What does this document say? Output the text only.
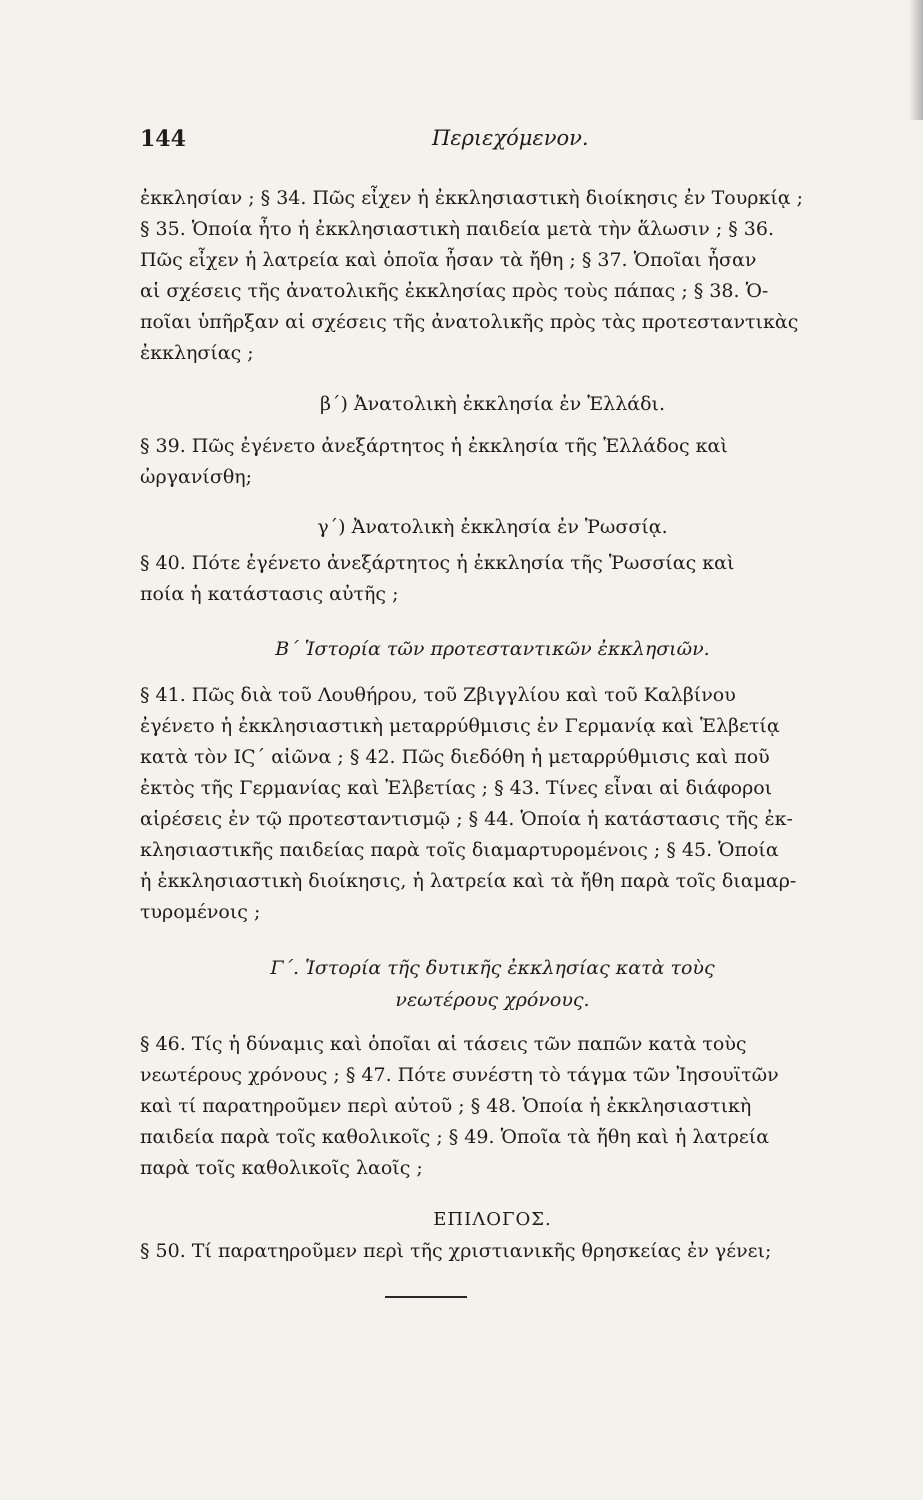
144	Περιεχόμενον.
ἐκκλησίαν ; § 34. Πῶς εἶχεν ἡ ἐκκλησιαστικὴ διοίκησις ἐν Τουρκίᾳ ;
§ 35. Ὁποία ἦτο ἡ ἐκκλησιαστικὴ παιδεία μετὰ τὴν ἅλωσιν ; § 36.
Πῶς εἶχεν ἡ λατρεία καὶ ὁποῖα ἦσαν τὰ ἤθη ; § 37. Ὁποῖαι ἦσαν
αἱ σχέσεις τῆς ἀνατολικῆς ἐκκλησίας πρὸς τοὺς πάπας ; § 38. Ὁ-
ποῖαι ὑπῆρξαν αἱ σχέσεις τῆς ἀνατολικῆς πρὸς τὰς προτεσταντικὰς
ἐκκλησίας ;
β΄) Ἀνατολικὴ ἐκκλησία ἐν Ἑλλάδι.
§ 39. Πῶς ἐγένετο ἀνεξάρτητος ἡ ἐκκλησία τῆς Ἑλλάδος καὶ
ὠργανίσθη;
γ΄) Ἀνατολικὴ ἐκκλησία ἐν Ῥωσσίᾳ.
§ 40. Πότε ἐγένετο ἀνεξάρτητος ἡ ἐκκλησία τῆς Ῥωσσίας καὶ
ποία ἡ κατάστασις αὐτῆς ;
Β΄ Ἱστορία τῶν προτεσταντικῶν ἐκκλησιῶν.
§ 41. Πῶς διὰ τοῦ Λουθήρου, τοῦ Ζβιγγλίου καὶ τοῦ Καλβίνου
ἐγένετο ἡ ἐκκλησιαστικὴ μεταρρύθμισις ἐν Γερμανίᾳ καὶ Ἑλβετίᾳ
κατὰ τὸν ΙϚ΄ αἰῶνα ; § 42. Πῶς διεδόθη ἡ μεταρρύθμισις καὶ ποῦ
ἐκτὸς τῆς Γερμανίας καὶ Ἑλβετίας ; § 43. Τίνες εἶναι αἱ διάφοροι
αἱρέσεις ἐν τῷ προτεσταντισμῷ ; § 44. Ὁποία ἡ κατάστασις τῆς ἐκ-
κλησιαστικῆς παιδείας παρὰ τοῖς διαμαρτυρομένοις ; § 45. Ὁποία
ἡ ἐκκλησιαστικὴ διοίκησις, ἡ λατρεία καὶ τὰ ἤθη παρὰ τοῖς διαμαρ-
τυρομένοις ;
Γ΄. Ἱστορία τῆς δυτικῆς ἐκκλησίας κατὰ τοὺς
νεωτέρους χρόνους.
§ 46. Τίς ἡ δύναμις καὶ ὁποῖαι αἱ τάσεις τῶν παπῶν κατὰ τοὺς
νεωτέρους χρόνους ; § 47. Πότε συνέστη τὸ τάγμα τῶν Ἰησουϊτῶν
καὶ τί παρατηροῦμεν περὶ αὐτοῦ ; § 48. Ὁποία ἡ ἐκκλησιαστικὴ
παιδεία παρὰ τοῖς καθολικοῖς ; § 49. Ὁποῖα τὰ ἤθη καὶ ἡ λατρεία
παρὰ τοῖς καθολικοῖς λαοῖς ;
ΕΠΙΛΟΓΟΣ.
§ 50. Τί παρατηροῦμεν περὶ τῆς χριστιανικῆς θρησκείας ἐν γένει;
